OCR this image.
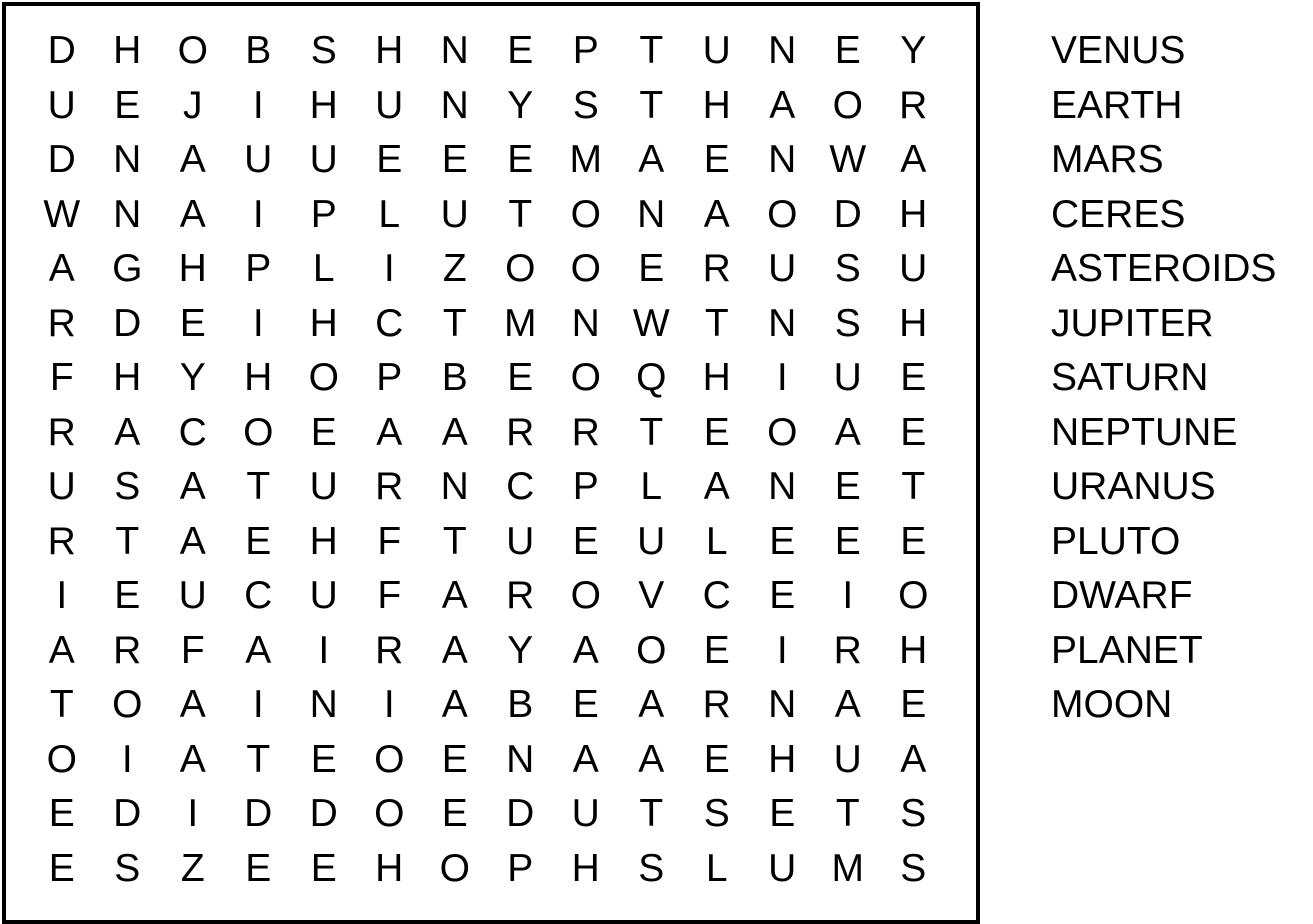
D H O B	S H N E	P	T	U N E	Y
U E	J	I	H U N Y	S	T	H A O R
D N A U U E	E	E M A	E N W A
W N A	I	P	L	U	T O N A O D H
A G H P	L	I	Z O O E R U S U
R D E	I	H C	T M N W T	N S H
F	H Y H O P	B	E O Q H	I	U E
R A C O E	A	A R R	T	E O A	E
U S	A	T	U R N C P	L	A N E	T
R	T	A	E H	F	T	U E U	L	E	E	E
I	E U C U	F	A R O V C E	I	O
A R	F	A	I	R A	Y	A O E	I	R H
T O A	I	N	I	A	B	E	A R N A	E
O	I	A	T	E O E N A	A	E H U A
E D	I	D D O E D U	T	S	E	T	S
E	S	Z	E	E H O P H S	L	U M S
VENUS
EARTH
MARS
CERES
ASTEROIDS
JUPITER
SATURN
NEPTUNE
URANUS
PLUTO
DWARF
PLANET
MOON
